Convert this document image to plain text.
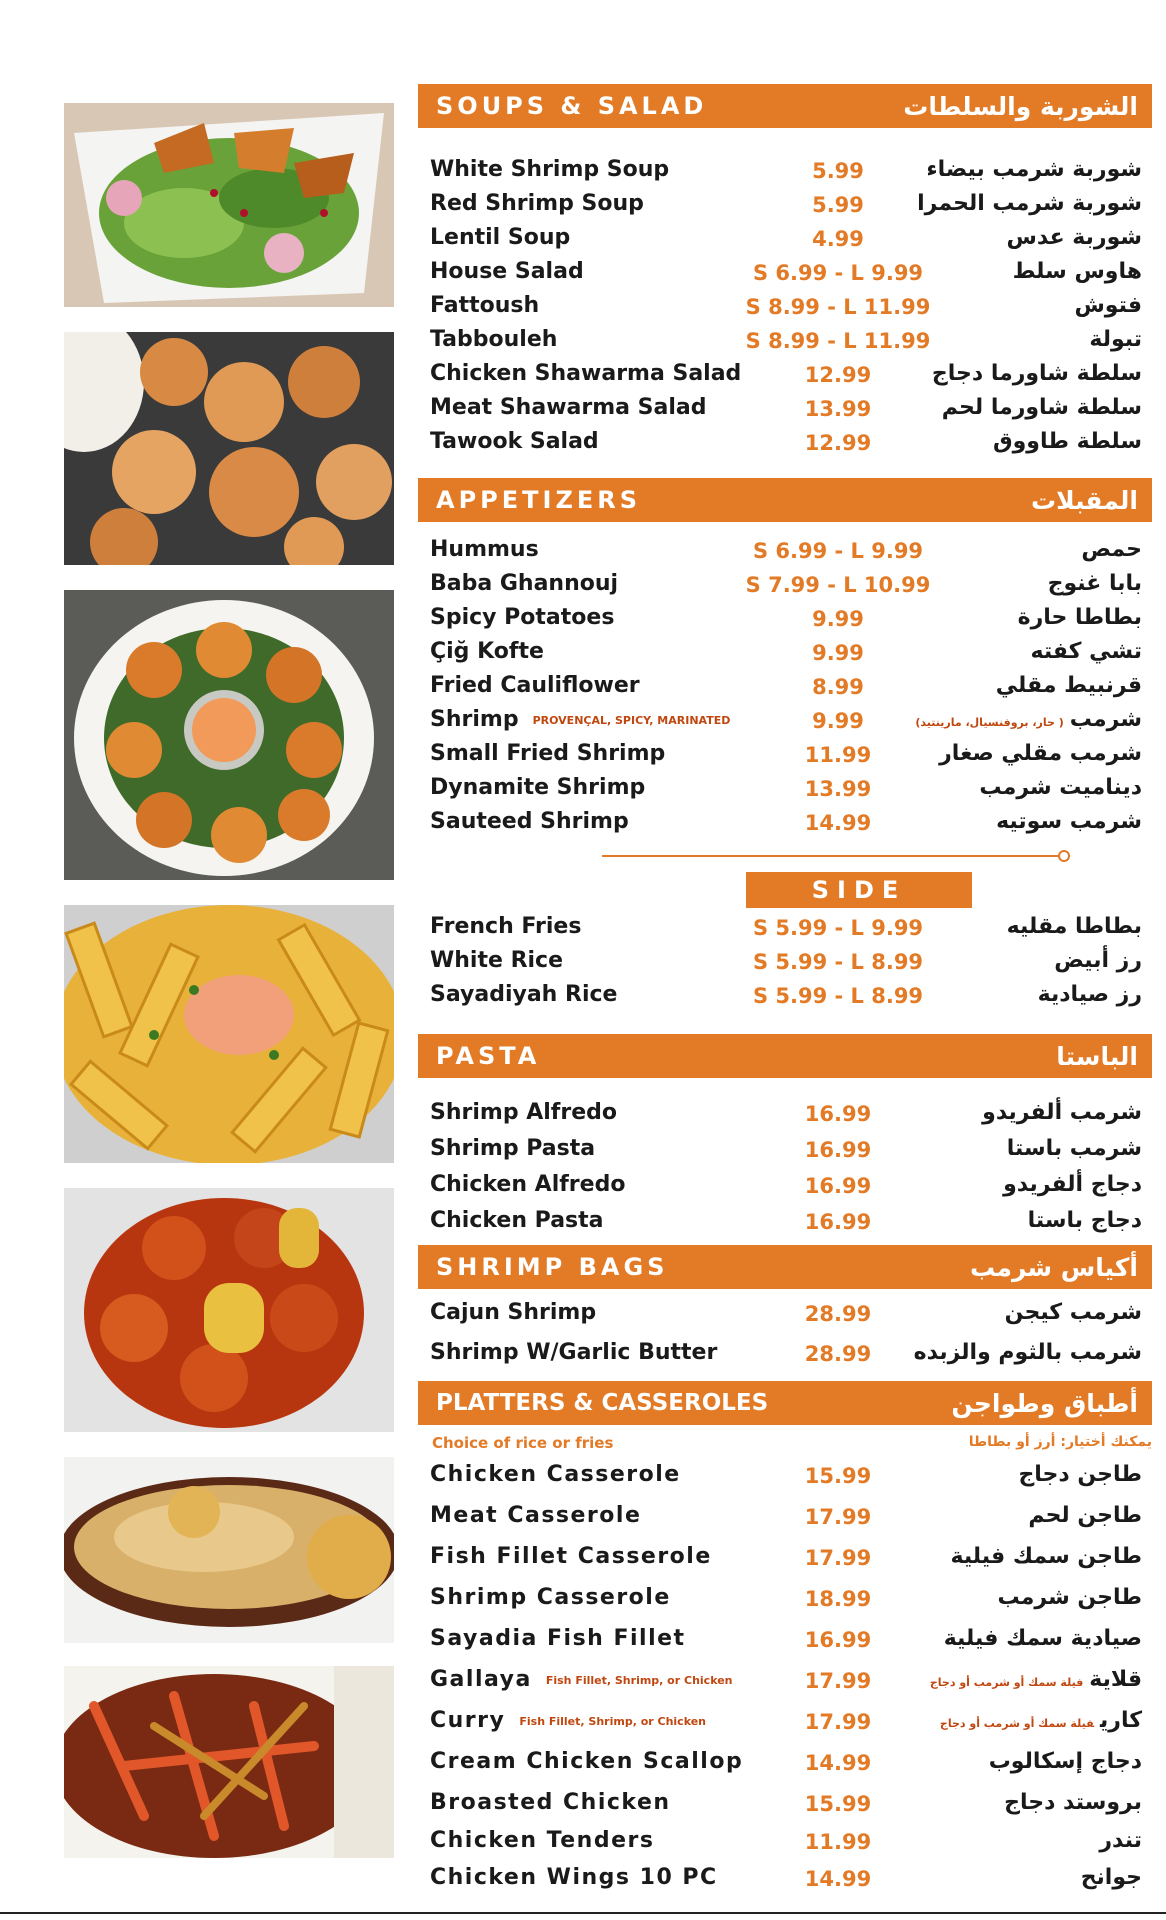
SOUPS & SALAD	الشوربة والسلطات
White Shrimp Soup	5.99	شوربة شرمب بيضاء
Red Shrimp Soup	5.99	شوربة شرمب الحمرا
Lentil Soup	4.99	شوربة عدس
House Salad	S 6.99 - L 9.99	هاوس سلط
Fattoush	S 8.99 - L 11.99	فتوش
Tabbouleh	S 8.99 - L 11.99	تبولة
Chicken Shawarma Salad	12.99	سلطة شاورما دجاج
Meat Shawarma Salad	13.99	سلطة شاورما لحم
Tawook Salad	12.99	سلطة طاووق
APPETIZERS	المقبلات
Hummus	S 6.99 - L 9.99	حمص
Baba Ghannouj	S 7.99 - L 10.99	بابا غنوج
Spicy Potatoes	9.99	بطاطا حارة
Çiğ Kofte	9.99	تشي كفته
Fried Cauliflower	8.99	قرنبيط مقلي
Shrimp PROVENÇAL, SPICY, MARINATED	9.99	شرمب( حار، بروفنسيال، مارينتيد)
Small Fried Shrimp	11.99	شرمب مقلي صغار
Dynamite Shrimp	13.99	ديناميت شرمب
Sauteed Shrimp	14.99	شرمب سوتيه
SIDE
French Fries	S 5.99 - L 9.99	بطاطا مقليه
White Rice	S 5.99 - L 8.99	رز أبيض
Sayadiyah Rice	S 5.99 - L 8.99	رز صيادية
PASTA	الباستا
Shrimp Alfredo	16.99	شرمب ألفريدو
Shrimp Pasta	16.99	شرمب باستا
Chicken Alfredo	16.99	دجاج ألفريدو
Chicken Pasta	16.99	دجاج باستا
SHRIMP BAGS	أكياس شرمب
Cajun Shrimp	28.99	شرمب كيجن
Shrimp W/Garlic Butter	28.99	شرمب بالثوم والزبده
PLATTERS & CASSEROLES	أطباق وطواجن
Choice of rice or fries	يمكنك أختيار: أرز أو بطاطا
Chicken Casserole	15.99	طاجن دجاج
Meat Casserole	17.99	طاجن لحم
Fish Fillet Casserole	17.99	طاجن سمك فيلية
Shrimp Casserole	18.99	طاجن شرمب
Sayadia Fish Fillet	16.99	صيادية سمك فيلية
Gallaya Fish Fillet, Shrimp, or Chicken	17.99	قلايةفيلة سمك أو شرمب أو دجاج
Curry Fish Fillet, Shrimp, or Chicken	17.99	كاريفيلة سمك أو شرمب أو دجاج
Cream Chicken Scallop	14.99	دجاج إسكالوب
Broasted Chicken	15.99	بروستد دجاج
Chicken Tenders	11.99	تندر
Chicken Wings 10 PC	14.99	جوانح
